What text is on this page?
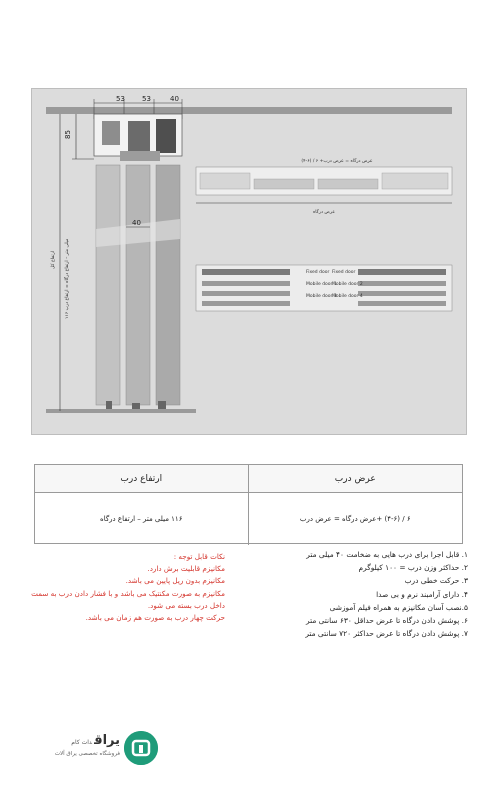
53 53	40
85
ارتفاع کل
۱۱۶ میلی متر – ارتفاع درگاه = ارتفاع درب
40
(۴-۶) / ۶ +عرض درگاه = عرض درب
عرض درگاه
Fixed door Fixed door
Mobile door 1
Mobile door 2
Mobile door 3
Mobile door 4
ارتفاع درب	عرض درب
۱۱۶ میلی متر – ارتفاع درگاه	۶ / (۴-۶) +عرض درگاه = عرض درب
۱. قابل اجرا برای درب هایی به ضخامت ۴۰ میلی متر
۲. حداکثر وزن درب = ۱۰۰ کیلوگرم
۳. حرکت خطی درب
۴. دارای آرامبند نرم و بی صدا
۵.نصب آسان مکانیزم به همراه فیلم آموزشی
۶. پوشش دادن درگاه تا عرض حداقل ۶۳۰ سانتی متر
۷. پوشش دادن درگاه تا عرض حداکثر ۷۲۰ سانتی متر

نکات قابل توجه :

مکانیزم قابلیت برش دارد.

مکانیزم بدون ریل پایین می باشد.

مکانیزم به صورت مکنتیک می باشد و با فشار دادن درب به سمت داخل درب بسته می شود.

حرکت چهار درب به صورت هم زمان می باشد.

یراقدات کام
فروشگاه تخصصی یراق آلات
